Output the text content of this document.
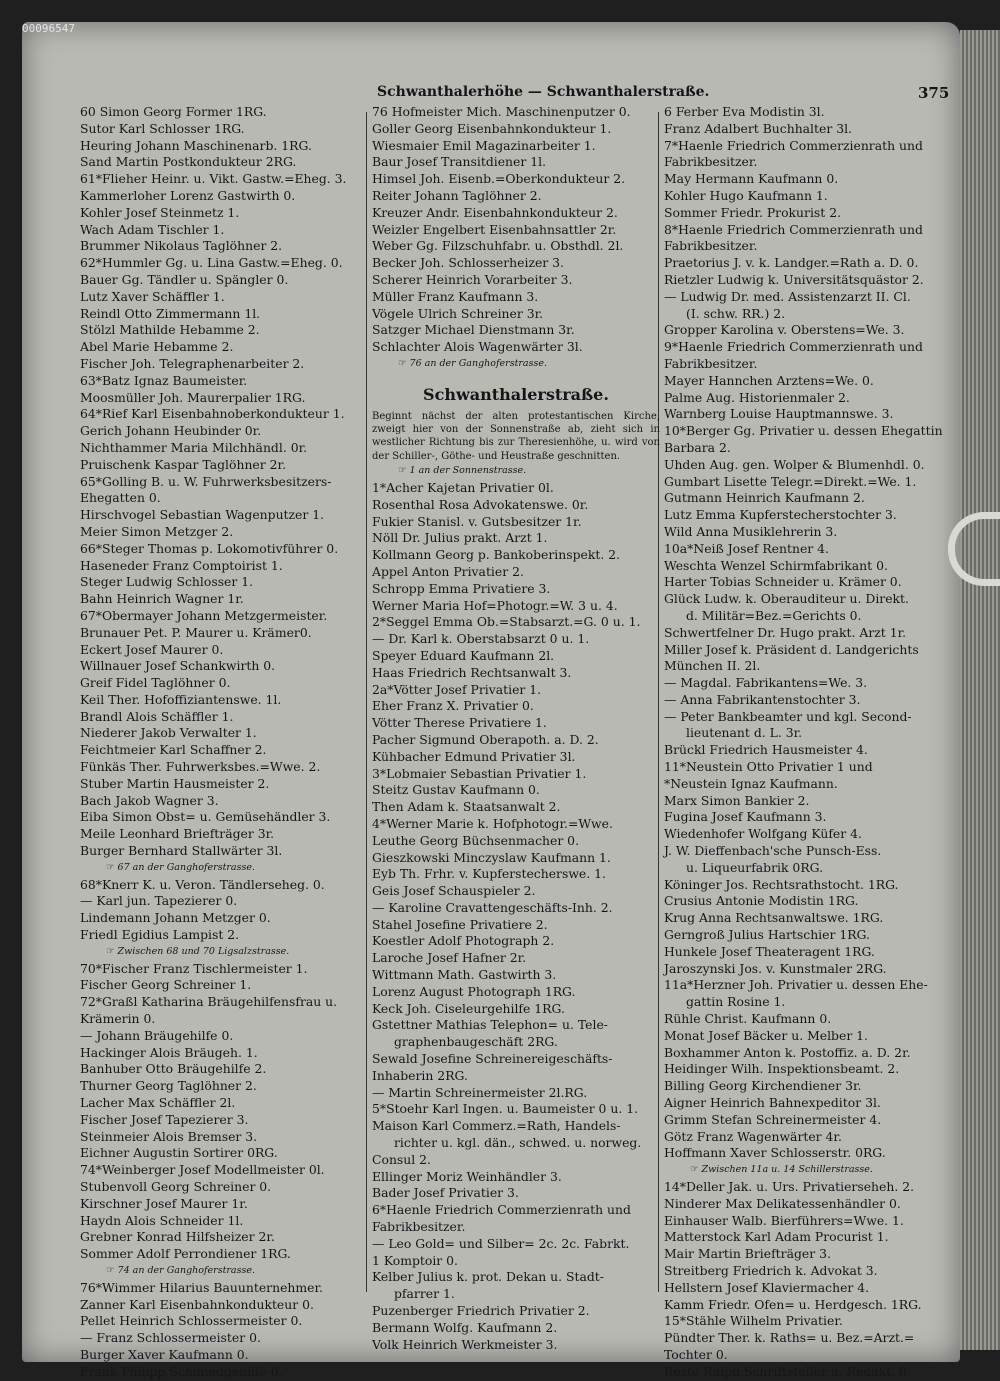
00096547
Schwanthalerhöhe — Schwanthalerstraße.	375
60 Simon Georg Former 1RG.
Sutor Karl Schlosser 1RG.
Heuring Johann Maschinenarb. 1RG.
Sand Martin Postkondukteur 2RG.
61*Flieher Heinr. u. Vikt. Gastw.=Eheg. 3.
Kammerloher Lorenz Gastwirth 0.
Kohler Josef Steinmetz 1.
Wach Adam Tischler 1.
Brummer Nikolaus Taglöhner 2.
62*Hummler Gg. u. Lina Gastw.=Eheg. 0.
Bauer Gg. Tändler u. Spängler 0.
Lutz Xaver Schäffler 1.
Reindl Otto Zimmermann 1l.
Stölzl Mathilde Hebamme 2.
Abel Marie Hebamme 2.
Fischer Joh. Telegraphenarbeiter 2.
63*Batz Ignaz Baumeister.
Moosmüller Joh. Maurerpalier 1RG.
64*Rief Karl Eisenbahnoberkondukteur 1.
Gerich Johann Heubinder 0r.
Nichthammer Maria Milchhändl. 0r.
Pruischenk Kaspar Taglöhner 2r.
65*Golling B. u. W. Fuhrwerksbesitzers-
Ehegatten 0.
Hirschvogel Sebastian Wagenputzer 1.
Meier Simon Metzger 2.
66*Steger Thomas p. Lokomotivführer 0.
Haseneder Franz Comptoirist 1.
Steger Ludwig Schlosser 1.
Bahn Heinrich Wagner 1r.
67*Obermayer Johann Metzgermeister.
Brunauer Pet. P. Maurer u. Krämer0.
Eckert Josef Maurer 0.
Willnauer Josef Schankwirth 0.
Greif Fidel Taglöhner 0.
Keil Ther. Hofoffiziantenswe. 1l.
Brandl Alois Schäffler 1.
Niederer Jakob Verwalter 1.
Feichtmeier Karl Schaffner 2.
Fünkäs Ther. Fuhrwerksbes.=Wwe. 2.
Stuber Martin Hausmeister 2.
Bach Jakob Wagner 3.
Eiba Simon Obst= u. Gemüsehändler 3.
Meile Leonhard Briefträger 3r.
Burger Bernhard Stallwärter 3l.
☞ 67 an der Ganghoferstrasse.
68*Knerr K. u. Veron. Tändlerseheg. 0.
— Karl jun. Tapezierer 0.
Lindemann Johann Metzger 0.
Friedl Egidius Lampist 2.
☞ Zwischen 68 und 70 Ligsalzstrasse.
70*Fischer Franz Tischlermeister 1.
Fischer Georg Schreiner 1.
72*Graßl Katharina Bräugehilfensfrau u.
Krämerin 0.
— Johann Bräugehilfe 0.
Hackinger Alois Bräugeh. 1.
Banhuber Otto Bräugehilfe 2.
Thurner Georg Taglöhner 2.
Lacher Max Schäffler 2l.
Fischer Josef Tapezierer 3.
Steinmeier Alois Bremser 3.
Eichner Augustin Sortirer 0RG.
74*Weinberger Josef Modellmeister 0l.
Stubenvoll Georg Schreiner 0.
Kirschner Josef Maurer 1r.
Haydn Alois Schneider 1l.
Grebner Konrad Hilfsheizer 2r.
Sommer Adolf Perrondiener 1RG.
☞ 74 an der Ganghoferstrasse.
76*Wimmer Hilarius Bauunternehmer.
Zanner Karl Eisenbahnkondukteur 0.
Pellet Heinrich Schlossermeister 0.
— Franz Schlossermeister 0.
Burger Xaver Kaufmann 0.
Frank Philipp Schmiedgehilfe 0.
76 Hofmeister Mich. Maschinenputzer 0.
Goller Georg Eisenbahnkondukteur 1.
Wiesmaier Emil Magazinarbeiter 1.
Baur Josef Transitdiener 1l.
Himsel Joh. Eisenb.=Oberkondukteur 2.
Reiter Johann Taglöhner 2.
Kreuzer Andr. Eisenbahnkondukteur 2.
Weizler Engelbert Eisenbahnsattler 2r.
Weber Gg. Filzschuhfabr. u. Obsthdl. 2l.
Becker Joh. Schlosserheizer 3.
Scherer Heinrich Vorarbeiter 3.
Müller Franz Kaufmann 3.
Vögele Ulrich Schreiner 3r.
Satzger Michael Dienstmann 3r.
Schlachter Alois Wagenwärter 3l.
☞ 76 an der Ganghoferstrasse.
Schwanthalerstraße.
Beginnt nächst der alten protestantischen Kirche, zweigt hier von der Sonnenstraße ab, zieht sich in westlicher Richtung bis zur Theresienhöhe, u. wird von der Schiller-, Göthe- und Heustraße geschnitten.
☞ 1 an der Sonnenstrasse.
1*Acher Kajetan Privatier 0l.
Rosenthal Rosa Advokatenswe. 0r.
Fukier Stanisl. v. Gutsbesitzer 1r.
Nöll Dr. Julius prakt. Arzt 1.
Kollmann Georg p. Bankoberinspekt. 2.
Appel Anton Privatier 2.
Schropp Emma Privatiere 3.
Werner Maria Hof=Photogr.=W. 3 u. 4.
2*Seggel Emma Ob.=Stabsarzt.=G. 0 u. 1.
— Dr. Karl k. Oberstabsarzt 0 u. 1.
Speyer Eduard Kaufmann 2l.
Haas Friedrich Rechtsanwalt 3.
2a*Vötter Josef Privatier 1.
Eher Franz X. Privatier 0.
Vötter Therese Privatiere 1.
Pacher Sigmund Oberapoth. a. D. 2.
Kühbacher Edmund Privatier 3l.
3*Lobmaier Sebastian Privatier 1.
Steitz Gustav Kaufmann 0.
Then Adam k. Staatsanwalt 2.
4*Werner Marie k. Hofphotogr.=Wwe.
Leuthe Georg Büchsenmacher 0.
Gieszkowski Minczyslaw Kaufmann 1.
Eyb Th. Frhr. v. Kupferstecherswe. 1.
Geis Josef Schauspieler 2.
— Karoline Cravattengeschäfts-Inh. 2.
Stahel Josefine Privatiere 2.
Koestler Adolf Photograph 2.
Laroche Josef Hafner 2r.
Wittmann Math. Gastwirth 3.
Lorenz August Photograph 1RG.
Keck Joh. Ciseleurgehilfe 1RG.
Gstettner Mathias Telephon= u. Tele-
graphenbaugeschäft 2RG.
Sewald Josefine Schreinereigeschäfts-
Inhaberin 2RG.
— Martin Schreinermeister 2l.RG.
5*Stoehr Karl Ingen. u. Baumeister 0 u. 1.
Maison Karl Commerz.=Rath, Handels-
richter u. kgl. dän., schwed. u. norweg.
Consul 2.
Ellinger Moriz Weinhändler 3.
Bader Josef Privatier 3.
6*Haenle Friedrich Commerzienrath und
Fabrikbesitzer.
— Leo Gold= und Silber= 2c. 2c. Fabrkt.
1 Komptoir 0.
Kelber Julius k. prot. Dekan u. Stadt-
pfarrer 1.
Puzenberger Friedrich Privatier 2.
Bermann Wolfg. Kaufmann 2.
Volk Heinrich Werkmeister 3.
6 Ferber Eva Modistin 3l.
Franz Adalbert Buchhalter 3l.
7*Haenle Friedrich Commerzienrath und
Fabrikbesitzer.
May Hermann Kaufmann 0.
Kohler Hugo Kaufmann 1.
Sommer Friedr. Prokurist 2.
8*Haenle Friedrich Commerzienrath und
Fabrikbesitzer.
Praetorius J. v. k. Landger.=Rath a. D. 0.
Rietzler Ludwig k. Universitätsquästor 2.
— Ludwig Dr. med. Assistenzarzt II. Cl.
(I. schw. RR.) 2.
Gropper Karolina v. Oberstens=We. 3.
9*Haenle Friedrich Commerzienrath und
Fabrikbesitzer.
Mayer Hannchen Arztens=We. 0.
Palme Aug. Historienmaler 2.
Warnberg Louise Hauptmannswe. 3.
10*Berger Gg. Privatier u. dessen Ehegattin
Barbara 2.
Uhden Aug. gen. Wolper & Blumenhdl. 0.
Gumbart Lisette Telegr.=Direkt.=We. 1.
Gutmann Heinrich Kaufmann 2.
Lutz Emma Kupferstecherstochter 3.
Wild Anna Musiklehrerin 3.
10a*Neiß Josef Rentner 4.
Weschta Wenzel Schirmfabrikant 0.
Harter Tobias Schneider u. Krämer 0.
Glück Ludw. k. Oberauditeur u. Direkt.
d. Militär=Bez.=Gerichts 0.
Schwertfelner Dr. Hugo prakt. Arzt 1r.
Miller Josef k. Präsident d. Landgerichts
München II. 2l.
— Magdal. Fabrikantens=We. 3.
— Anna Fabrikantenstochter 3.
— Peter Bankbeamter und kgl. Second-
lieutenant d. L. 3r.
Brückl Friedrich Hausmeister 4.
11*Neustein Otto Privatier 1 und
*Neustein Ignaz Kaufmann.
Marx Simon Bankier 2.
Fugina Josef Kaufmann 3.
Wiedenhofer Wolfgang Küfer 4.
J. W. Dieffenbach'sche Punsch-Ess.
u. Liqueurfabrik 0RG.
Köninger Jos. Rechtsrathstocht. 1RG.
Crusius Antonie Modistin 1RG.
Krug Anna Rechtsanwaltswe. 1RG.
Gerngroß Julius Hartschier 1RG.
Hunkele Josef Theateragent 1RG.
Jaroszynski Jos. v. Kunstmaler 2RG.
11a*Herzner Joh. Privatier u. dessen Ehe-
gattin Rosine 1.
Rühle Christ. Kaufmann 0.
Monat Josef Bäcker u. Melber 1.
Boxhammer Anton k. Postoffiz. a. D. 2r.
Heidinger Wilh. Inspektionsbeamt. 2.
Billing Georg Kirchendiener 3r.
Aigner Heinrich Bahnexpeditor 3l.
Grimm Stefan Schreinermeister 4.
Götz Franz Wagenwärter 4r.
Hoffmann Xaver Schlosserstr. 0RG.
☞ Zwischen 11a u. 14 Schillerstrasse.
14*Deller Jak. u. Urs. Privatierseheh. 2.
Ninderer Max Delikatessenhändler 0.
Einhauser Walb. Bierführers=Wwe. 1.
Matterstock Karl Adam Procurist 1.
Mair Martin Briefträger 3.
Streitberg Friedrich k. Advokat 3.
Hellstern Josef Klaviermacher 4.
Kamm Friedr. Ofen= u. Herdgesch. 1RG.
15*Stähle Wilhelm Privatier.
Pündter Ther. k. Raths= u. Bez.=Arzt.=
Tochter 0.
Reste Ralph Schriftsteller u. Redakt. 0.
